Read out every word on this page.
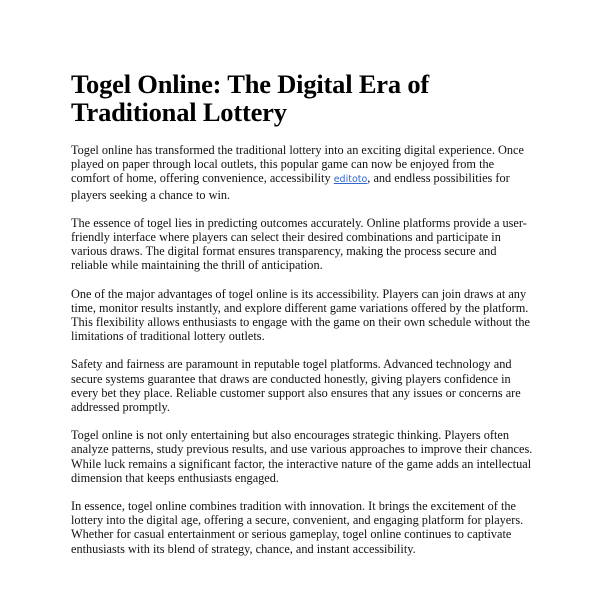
Togel Online: The Digital Era of Traditional Lottery

Togel online has transformed the traditional lottery into an exciting digital experience. Once played on paper through local outlets, this popular game can now be enjoyed from the comfort of home, offering convenience, accessibility editoto, and endless possibilities for players seeking a chance to win.

The essence of togel lies in predicting outcomes accurately. Online platforms provide a user-friendly interface where players can select their desired combinations and participate in various draws. The digital format ensures transparency, making the process secure and reliable while maintaining the thrill of anticipation.

One of the major advantages of togel online is its accessibility. Players can join draws at any time, monitor results instantly, and explore different game variations offered by the platform. This flexibility allows enthusiasts to engage with the game on their own schedule without the limitations of traditional lottery outlets.

Safety and fairness are paramount in reputable togel platforms. Advanced technology and secure systems guarantee that draws are conducted honestly, giving players confidence in every bet they place. Reliable customer support also ensures that any issues or concerns are addressed promptly.

Togel online is not only entertaining but also encourages strategic thinking. Players often analyze patterns, study previous results, and use various approaches to improve their chances. While luck remains a significant factor, the interactive nature of the game adds an intellectual dimension that keeps enthusiasts engaged.

In essence, togel online combines tradition with innovation. It brings the excitement of the lottery into the digital age, offering a secure, convenient, and engaging platform for players. Whether for casual entertainment or serious gameplay, togel online continues to captivate enthusiasts with its blend of strategy, chance, and instant accessibility.
